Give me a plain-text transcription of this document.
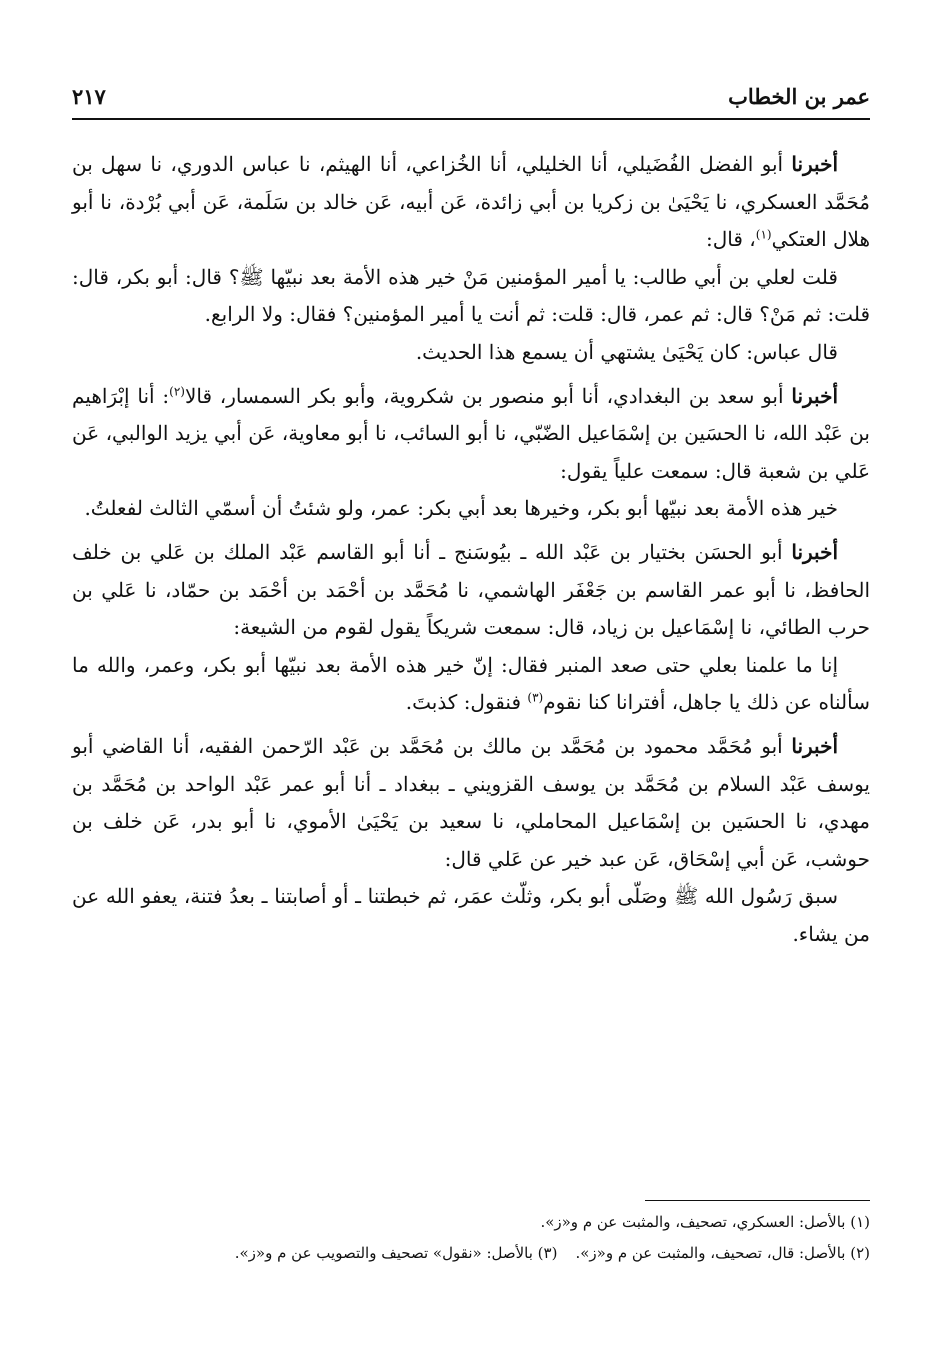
عمر بن الخطاب
٢١٧

أخبرنا أبو الفضل الفُضَيلي، أنا الخليلي، أنا الخُزاعي، أنا الهيثم، نا عباس الدوري، نا سهل بن مُحَمَّد العسكري، نا يَحْيَىٰ بن زكريا بن أبي زائدة، عَن أبيه، عَن خالد بن سَلَمة، عَن أبي بُرْدة، نا أبو هلال العتكي$^{(١)}$، قال:

قلت لعلي بن أبي طالب: يا أمير المؤمنين مَنْ خير هذه الأمة بعد نبيّها ﷺ؟ قال: أبو بكر، قال: قلت: ثم مَنْ؟ قال: ثم عمر، قال: قلت: ثم أنت يا أمير المؤمنين؟ فقال: ولا الرابع.

قال عباس: كان يَحْيَىٰ يشتهي أن يسمع هذا الحديث.

أخبرنا أبو سعد بن البغدادي، أنا أبو منصور بن شكروية، وأبو بكر السمسار، قالا$^{(٢)}$: أنا إبْرَاهيم بن عَبْد الله، نا الحسَين بن إسْمَاعيل الضّبّي، نا أبو السائب، نا أبو معاوية، عَن أبي يزيد الوالبي، عَن عَلي بن شعبة قال: سمعت علياً يقول:

خير هذه الأمة بعد نبيّها أبو بكر، وخيرها بعد أبي بكر: عمر، ولو شئتُ أن أسمّي الثالث لفعلتُ.

أخبرنا أبو الحسَن بختيار بن عَبْد الله ـ بيُوسَنج ـ أنا أبو القاسم عَبْد الملك بن عَلي بن خلف الحافظ، نا أبو عمر القاسم بن جَعْفَر الهاشمي، نا مُحَمَّد بن أحْمَد بن أحْمَد بن حمّاد، نا عَلي بن حرب الطائي، نا إسْمَاعيل بن زياد، قال: سمعت شريكاً يقول لقوم من الشيعة:

إنا ما علمنا بعلي حتى صعد المنبر فقال: إنّ خير هذه الأمة بعد نبيّها أبو بكر، وعمر، والله ما سألناه عن ذلك يا جاهل، أفترانا كنا نقوم$^{(٣)}$ فنقول: كذبتَ.

أخبرنا أبو مُحَمَّد محمود بن مُحَمَّد بن مالك بن مُحَمَّد بن عَبْد الرّحمن الفقيه، أنا القاضي أبو يوسف عَبْد السلام بن مُحَمَّد بن يوسف القزويني ـ ببغداد ـ أنا أبو عمر عَبْد الواحد بن مُحَمَّد بن مهدي، نا الحسَين بن إسْمَاعيل المحاملي، نا سعيد بن يَحْيَىٰ الأموي، نا أبو بدر، عَن خلف بن حوشب، عَن أبي إسْحَاق، عَن عبد خير عن عَلي قال:

سبق رَسُول الله ﷺ وصَلّى أبو بكر، وثلّث عمَر، ثم خبطتنا ـ أو أصابتنا ـ بعدُ فتنة، يعفو الله عن من يشاء.

(١) بالأصل: العسكري، تصحيف، والمثبت عن م و«ز».

(٢) بالأصل: قال، تصحيف، والمثبت عن م و«ز».(٣) بالأصل: «نقول» تصحيف والتصويب عن م و«ز».
